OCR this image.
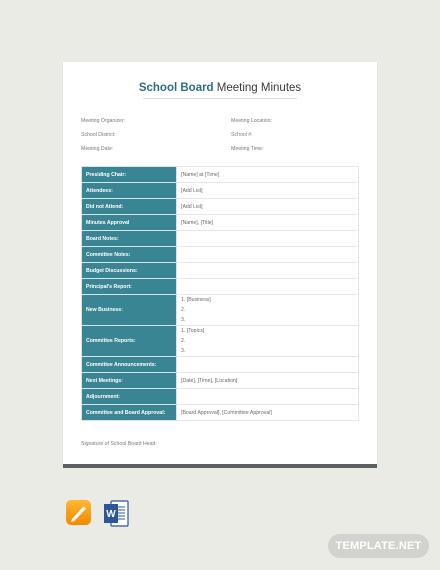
School Board Meeting Minutes
Meeting Organizer:	Meeting Location:
School District:	School #:
Meeting Date:	Meeting Time:
Presiding Chair:	[Name] at [Time]
Attendees:	[Add List]
Did not Attend:	[Add List]
Minutes Approval	[Name], [Title]
Board Notes:	
Committee Notes:	
Budget Discussions:	
Principal's Report:	
New Business:	1. [Business]
2.
3.

Committee Reports:	1. [Topics]
2.
3.

Committee Announcements:	
Next Meetings:	[Date], [Time], [Location]
Adjournment:	
Committee and Board Approval:	[Board Approval], [Committee Approval]
Signature of School Board Head:
W
TEMPLATE.NET
